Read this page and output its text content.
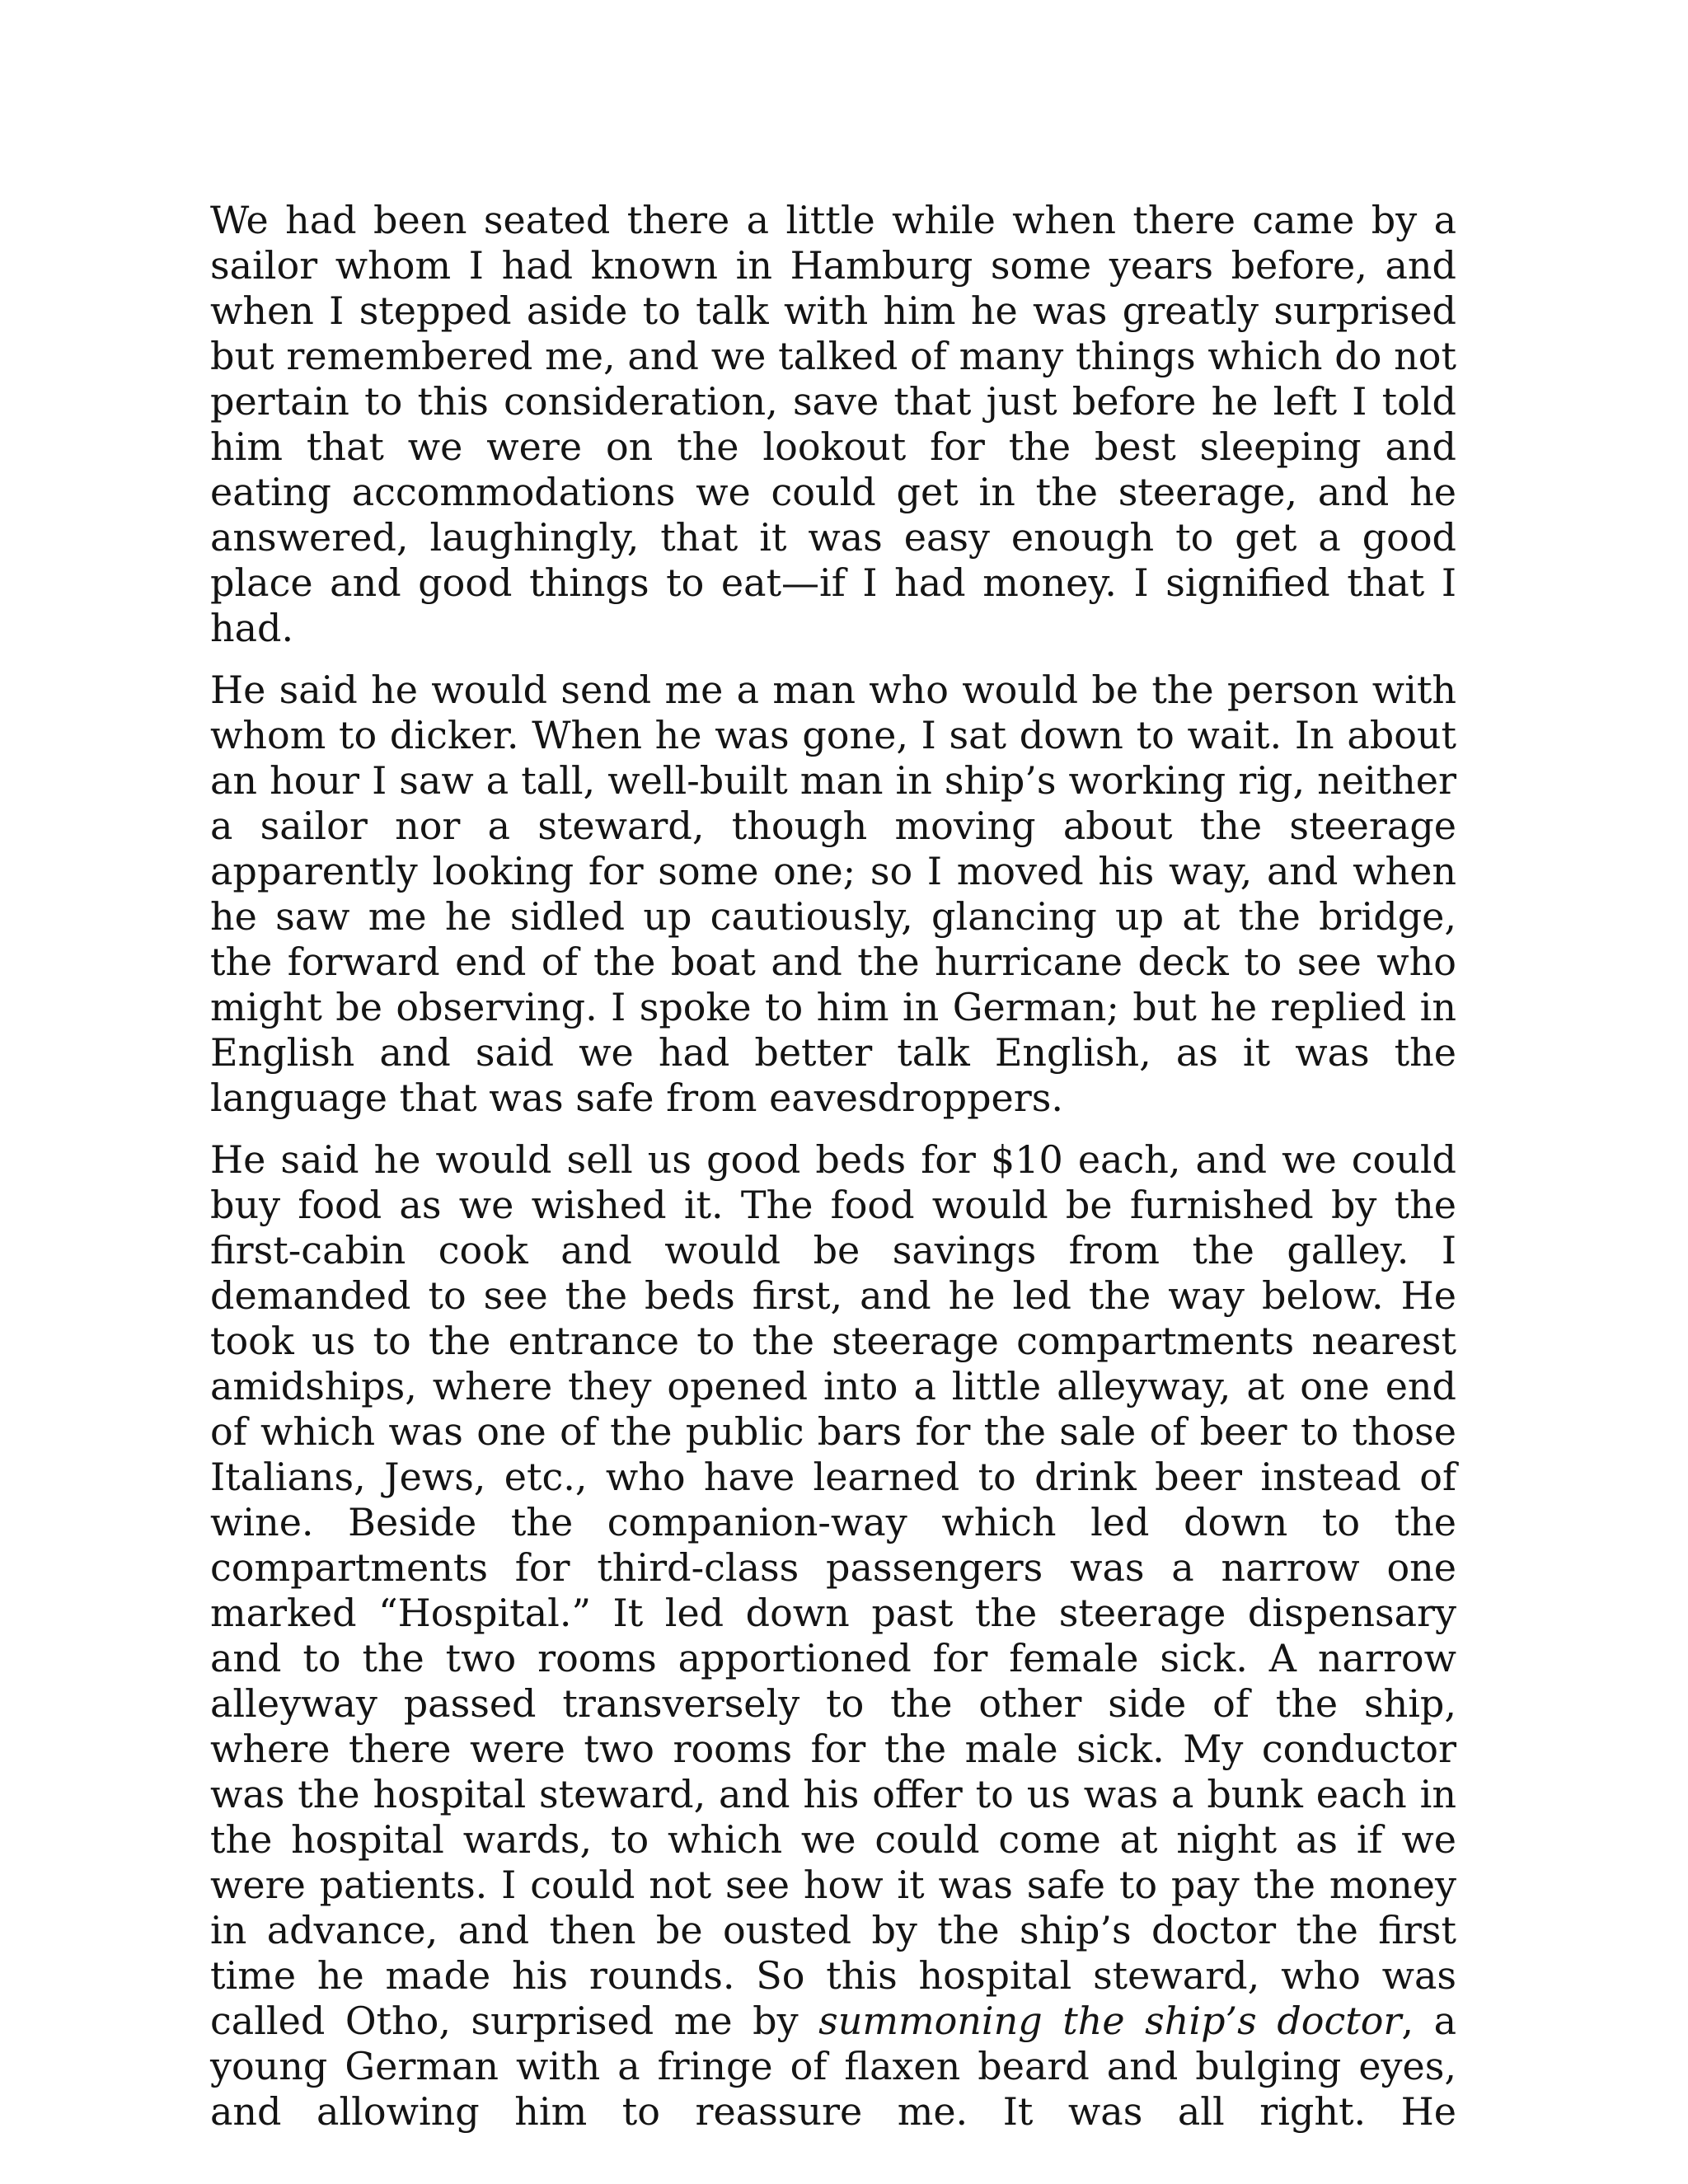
We had been seated there a little while when there came by a sailor whom I had known in Hamburg some years before, and when I stepped aside to talk with him he was greatly surprised but remembered me, and we talked of many things which do not pertain to this consideration, save that just before he left I told him that we were on the lookout for the best sleeping and eating accommodations we could get in the steerage, and he answered, laughingly, that it was easy enough to get a good place and good things to eat—if I had money. I signified that I had.

He said he would send me a man who would be the person with whom to dicker. When he was gone, I sat down to wait. In about an hour I saw a tall, well-built man in ship’s working rig, neither a sailor nor a steward, though moving about the steerage apparently looking for some one; so I moved his way, and when he saw me he sidled up cautiously, glancing up at the bridge, the forward end of the boat and the hurricane deck to see who might be observing. I spoke to him in German; but he replied in English and said we had better talk English, as it was the language that was safe from eavesdroppers.

He said he would sell us good beds for $10 each, and we could buy food as we wished it. The food would be furnished by the first-cabin cook and would be savings from the galley. I demanded to see the beds first, and he led the way below. He took us to the entrance to the steerage compartments nearest amidships, where they opened into a little alleyway, at one end of which was one of the public bars for the sale of beer to those Italians, Jews, etc., who have learned to drink beer instead of wine. Beside the companion-way which led down to the compartments for third-class passengers was a narrow one marked “Hospital.” It led down past the steerage dispensary and to the two rooms apportioned for female sick. A narrow alleyway passed transversely to the other side of the ship, where there were two rooms for the male sick. My conductor was the hospital steward, and his offer to us was a bunk each in the hospital wards, to which we could come at night as if we were patients. I could not see how it was safe to pay the money in advance, and then be ousted by the ship’s doctor the first time he made his rounds. So this hospital steward, who was called Otho, surprised me by summoning the ship’s doctor, a young German with a fringe of flaxen beard and bulging eyes, and allowing him to reassure me. It was all right. He
